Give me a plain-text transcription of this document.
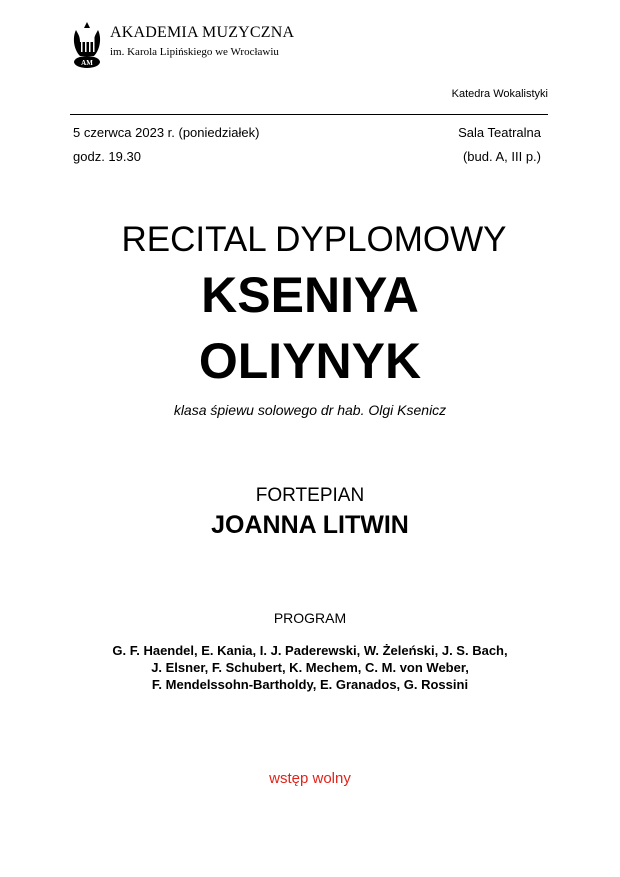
AM
AKADEMIA MUZYCZNA
im. Karola Lipińskiego we Wrocławiu
Katedra Wokalistyki
5 czerwca 2023 r. (poniedziałek)
godz. 19.30
Sala Teatralna
(bud. A, III p.)
RECITAL DYPLOMOWY
KSENIYA
OLIYNYK
klasa śpiewu solowego dr hab. Olgi Ksenicz
FORTEPIAN
JOANNA LITWIN
PROGRAM
G. F. Haendel, E. Kania, I. J. Paderewski, W. Żeleński, J. S. Bach,
J. Elsner, F. Schubert, K. Mechem, C. M. von Weber,
F. Mendelssohn-Bartholdy, E. Granados, G. Rossini
wstęp wolny
